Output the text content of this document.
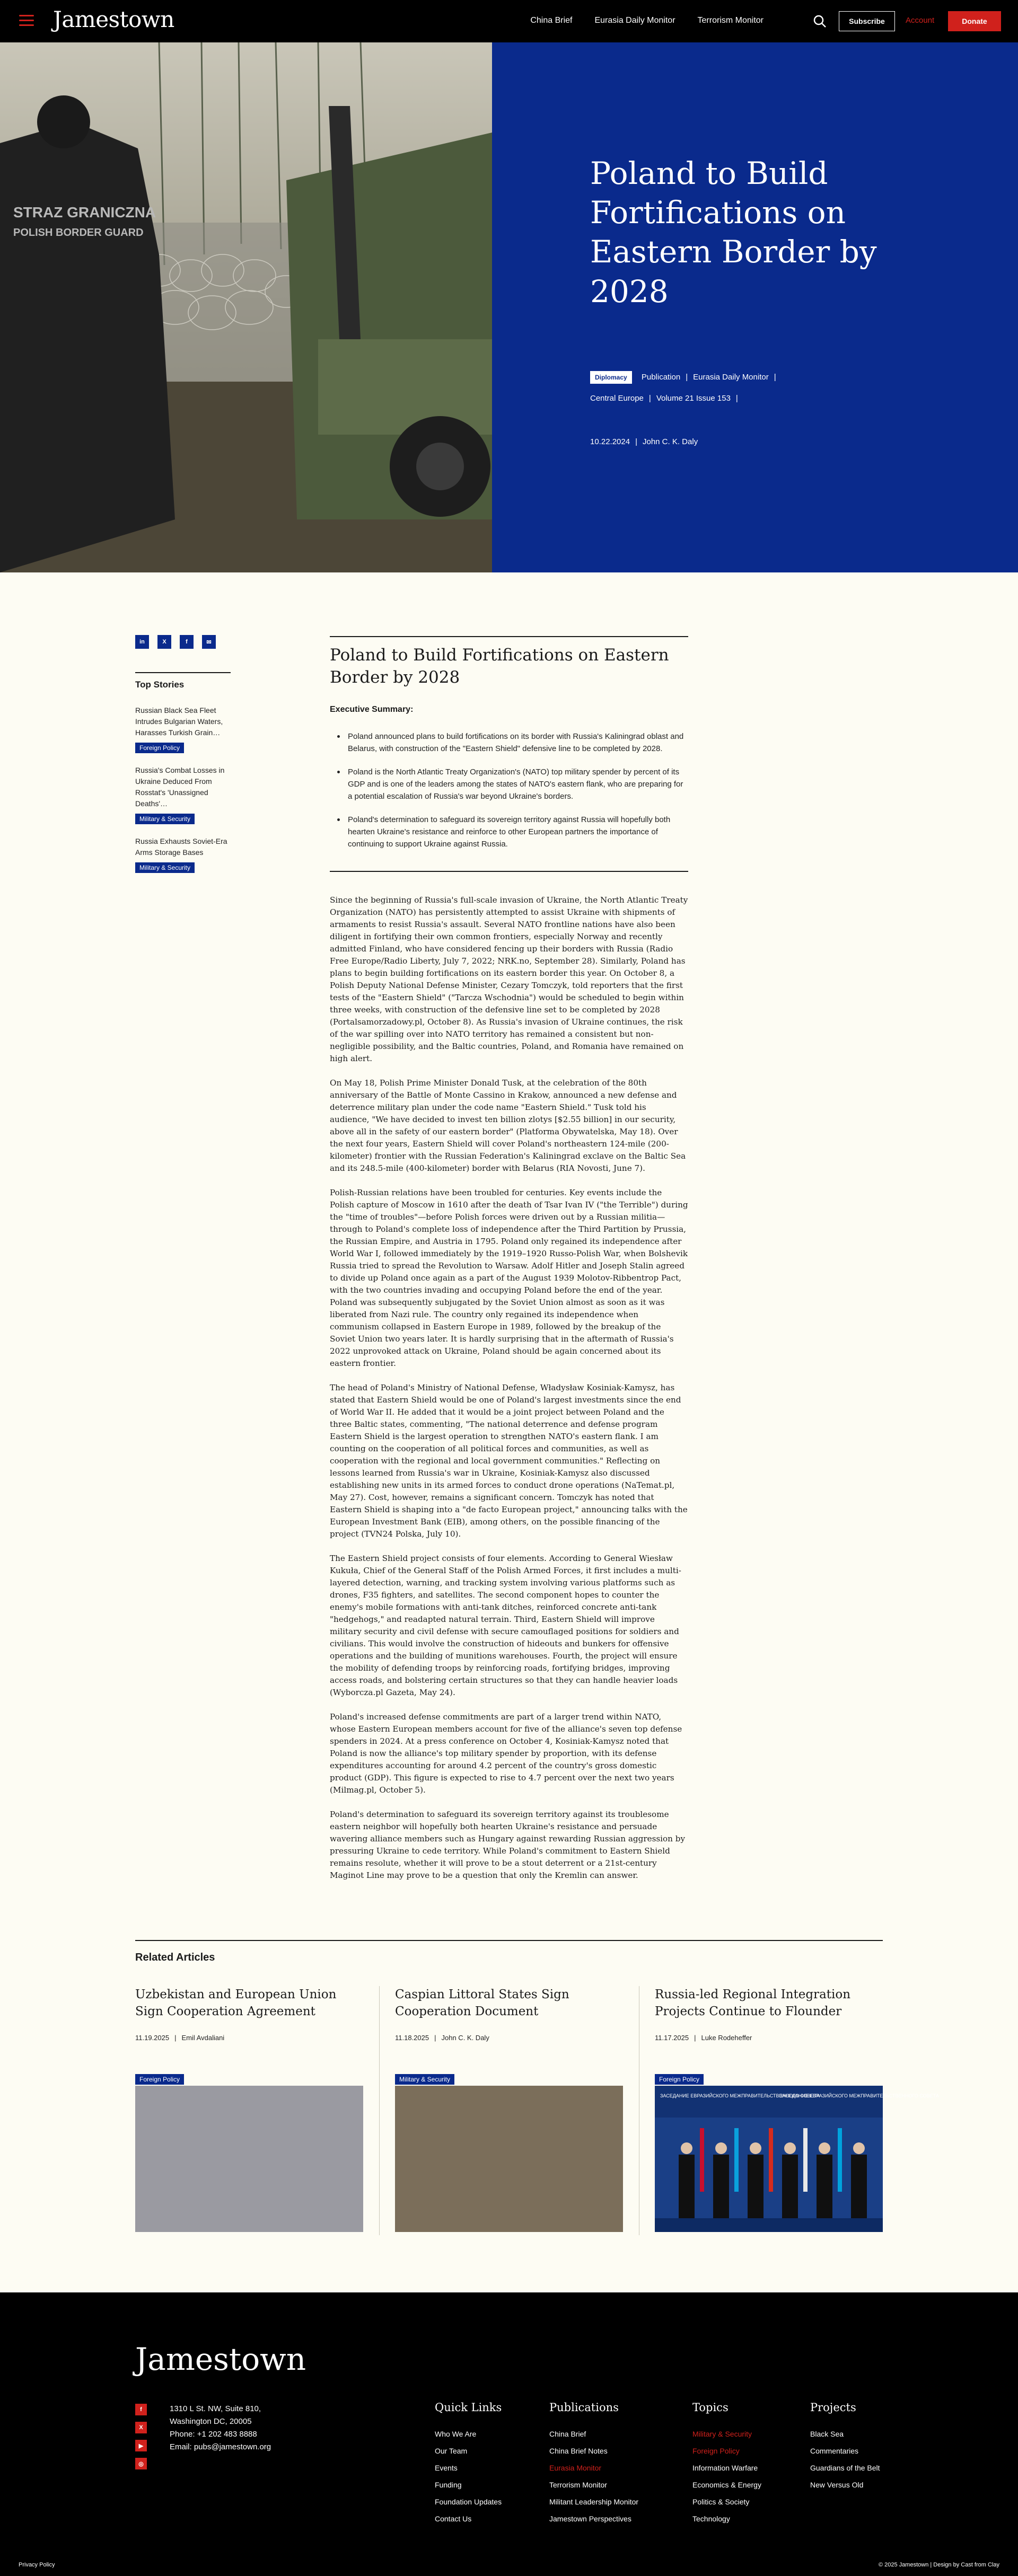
Jamestown	China Brief	Eurasia Daily Monitor	Terrorism Monitor	Subscribe	Account	Donate
STRAZ GRANICZNA
POLISH BORDER GUARD
Poland to Build Fortifications on Eastern Border by 2028
Diplomacy Publication | Eurasia Daily Monitor |
Central Europe | Volume 21 Issue 153 |
10.22.2024 | John C. K. Daly
in	X	f	✉
Top Stories

Russian Black Sea Fleet Intrudes Bulgarian Waters, Harasses Turkish Grain…

Foreign Policy

Russia's Combat Losses in Ukraine Deduced From Rosstat's 'Unassigned Deaths'…

Military & Security

Russia Exhausts Soviet-Era Arms Storage Bases

Military & Security
Poland to Build Fortifications on Eastern Border by 2028
Executive Summary:
Poland announced plans to build fortifications on its border with Russia's Kaliningrad oblast and Belarus, with construction of the "Eastern Shield" defensive line to be completed by 2028.
Poland is the North Atlantic Treaty Organization's (NATO) top military spender by percent of its GDP and is one of the leaders among the states of NATO's eastern flank, who are preparing for a potential escalation of Russia's war beyond Ukraine's borders.
Poland's determination to safeguard its sovereign territory against Russia will hopefully both hearten Ukraine's resistance and reinforce to other European partners the importance of continuing to support Ukraine against Russia.

Since the beginning of Russia's full-scale invasion of Ukraine, the North Atlantic Treaty Organization (NATO) has persistently attempted to assist Ukraine with shipments of armaments to resist Russia's assault. Several NATO frontline nations have also been diligent in fortifying their own common frontiers, especially Norway and recently admitted Finland, who have considered fencing up their borders with Russia (Radio Free Europe/Radio Liberty, July 7, 2022; NRK.no, September 28). Similarly, Poland has plans to begin building fortifications on its eastern border this year. On October 8, a Polish Deputy National Defense Minister, Cezary Tomczyk, told reporters that the first tests of the "Eastern Shield" ("Tarcza Wschodnia") would be scheduled to begin within three weeks, with construction of the defensive line set to be completed by 2028 (Portalsamorzadowy.pl, October 8). As Russia's invasion of Ukraine continues, the risk of the war spilling over into NATO territory has remained a consistent but non-negligible possibility, and the Baltic countries, Poland, and Romania have remained on high alert.

On May 18, Polish Prime Minister Donald Tusk, at the celebration of the 80th anniversary of the Battle of Monte Cassino in Krakow, announced a new defense and deterrence military plan under the code name "Eastern Shield." Tusk told his audience, "We have decided to invest ten billion zlotys [$2.55 billion] in our security, above all in the safety of our eastern border" (Platforma Obywatelska, May 18). Over the next four years, Eastern Shield will cover Poland's northeastern 124-mile (200-kilometer) frontier with the Russian Federation's Kaliningrad exclave on the Baltic Sea and its 248.5-mile (400-kilometer) border with Belarus (RIA Novosti, June 7).

Polish-Russian relations have been troubled for centuries. Key events include the Polish capture of Moscow in 1610 after the death of Tsar Ivan IV ("the Terrible") during the "time of troubles"—before Polish forces were driven out by a Russian militia—through to Poland's complete loss of independence after the Third Partition by Prussia, the Russian Empire, and Austria in 1795. Poland only regained its independence after World War I, followed immediately by the 1919–1920 Russo-Polish War, when Bolshevik Russia tried to spread the Revolution to Warsaw. Adolf Hitler and Joseph Stalin agreed to divide up Poland once again as a part of the August 1939 Molotov-Ribbentrop Pact, with the two countries invading and occupying Poland before the end of the year. Poland was subsequently subjugated by the Soviet Union almost as soon as it was liberated from Nazi rule. The country only regained its independence when communism collapsed in Eastern Europe in 1989, followed by the breakup of the Soviet Union two years later. It is hardly surprising that in the aftermath of Russia's 2022 unprovoked attack on Ukraine, Poland should be again concerned about its eastern frontier.

The head of Poland's Ministry of National Defense, Władysław Kosiniak-Kamysz, has stated that Eastern Shield would be one of Poland's largest investments since the end of World War II. He added that it would be a joint project between Poland and the three Baltic states, commenting, "The national deterrence and defense program Eastern Shield is the largest operation to strengthen NATO's eastern flank. I am counting on the cooperation of all political forces and communities, as well as cooperation with the regional and local government communities." Reflecting on lessons learned from Russia's war in Ukraine, Kosiniak-Kamysz also discussed establishing new units in its armed forces to conduct drone operations (NaTemat.pl, May 27). Cost, however, remains a significant concern. Tomczyk has noted that Eastern Shield is shaping into a "de facto European project," announcing talks with the European Investment Bank (EIB), among others, on the possible financing of the project (TVN24 Polska, July 10).

The Eastern Shield project consists of four elements. According to General Wiesław Kukuła, Chief of the General Staff of the Polish Armed Forces, it first includes a multi-layered detection, warning, and tracking system involving various platforms such as drones, F35 fighters, and satellites. The second component hopes to counter the enemy's mobile formations with anti-tank ditches, reinforced concrete anti-tank "hedgehogs," and readapted natural terrain. Third, Eastern Shield will improve military security and civil defense with secure camouflaged positions for soldiers and civilians. This would involve the construction of hideouts and bunkers for offensive operations and the building of munitions warehouses. Fourth, the project will ensure the mobility of defending troops by reinforcing roads, fortifying bridges, improving access roads, and bolstering certain structures so that they can handle heavier loads (Wyborcza.pl Gazeta, May 24).

Poland's increased defense commitments are part of a larger trend within NATO, whose Eastern European members account for five of the alliance's seven top defense spenders in 2024. At a press conference on October 4, Kosiniak-Kamysz noted that Poland is now the alliance's top military spender by proportion, with its defense expenditures accounting for around 4.2 percent of the country's gross domestic product (GDP). This figure is expected to rise to 4.7 percent over the next two years (Milmag.pl, October 5).

Poland's determination to safeguard its sovereign territory against its troublesome eastern neighbor will hopefully both hearten Ukraine's resistance and persuade wavering alliance members such as Hungary against rewarding Russian aggression by pressuring Ukraine to cede territory. While Poland's commitment to Eastern Shield remains resolute, whether it will prove to be a stout deterrent or a 21st-century Maginot Line may prove to be a question that only the Kremlin can answer.

Related Articles
Uzbekistan and European Union Sign Cooperation Agreement
11.19.2025 | Emil Avdaliani
Foreign Policy
Caspian Littoral States Sign Cooperation Document
11.18.2025 | John C. K. Daly
Military & Security
Russia-led Regional Integration Projects Continue to Flounder
11.17.2025 | Luke Rodeheffer
Foreign Policy
ЗАСЕДАНИЕ ЕВРАЗИЙСКОГО МЕЖПРАВИТЕЛЬСТВЕННОГО СОВЕТА
ЗАСЕДАНИЕ ЕВРАЗИЙСКОГО МЕЖПРАВИТЕЛЬСТВЕННОГО СОВЕТА
Jamestown
f
X
▶
◎
1310 L St. NW, Suite 810,
Washington DC, 20005
Phone: +1 202 483 8888
Email: pubs@jamestown.org
Quick Links
Who We Are
Our Team
Events
Funding
Foundation Updates
Contact Us
Publications
China Brief
China Brief Notes
Eurasia Monitor
Terrorism Monitor
Militant Leadership Monitor
Jamestown Perspectives
Topics
Military & Security
Foreign Policy
Information Warfare
Economics & Energy
Politics & Society
Technology
Projects
Black Sea
Commentaries
Guardians of the Belt
New Versus Old
Privacy Policy	© 2025 Jamestown | Design by Cast from Clay
